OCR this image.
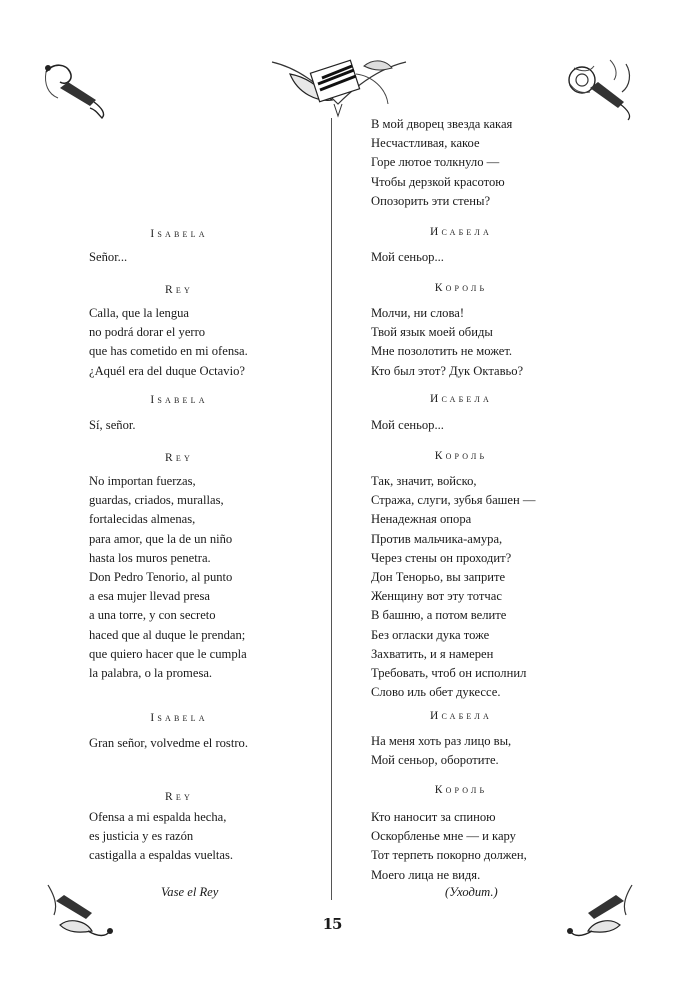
Isabela
Señor...
Rey
Calla, que la lengua
no podrá dorar el yerro
que has cometido en mi ofensa.
¿Aquél era del duque Octavio?
Isabela
Sí, señor.
Rey
No importan fuerzas,
guardas, criados, murallas,
fortalecidas almenas,
para amor, que la de un niño
hasta los muros penetra.
Don Pedro Tenorio, al punto
a esa mujer llevad presa
a una torre, y con secreto
haced que al duque le prendan;
que quiero hacer que le cumpla
la palabra, o la promesa.
Isabela
Gran señor, volvedme el rostro.
Rey
Ofensa a mi espalda hecha,
es justicia y es razón
castigalla a espaldas vueltas.
Vase el Rey
В мой дворец звезда какая
Несчастливая, какое
Горе лютое толкнуло —
Чтобы дерзкой красотою
Опозорить эти стены?
Исабела
Мой сеньор...
Король
Молчи, ни слова!
Твой язык моей обиды
Мне позолотить не может.
Кто был этот? Дук Октавьо?
Исабела
Мой сеньор...
Король
Так, значит, войско,
Стража, слуги, зубья башен —
Ненадежная опора
Против мальчика-амура,
Через стены он проходит?
Дон Тенорьо, вы заприте
Женщину вот эту тотчас
В башню, а потом велите
Без огласки дука тоже
Захватить, и я намерен
Требовать, чтоб он исполнил
Слово иль обет дукессе.
Исабела
На меня хоть раз лицо вы,
Мой сеньор, оборотите.
Король
Кто наносит за спиною
Оскорбленье мне — и кару
Тот терпеть покорно должен,
Моего лица не видя.
(Уходит.)
15
